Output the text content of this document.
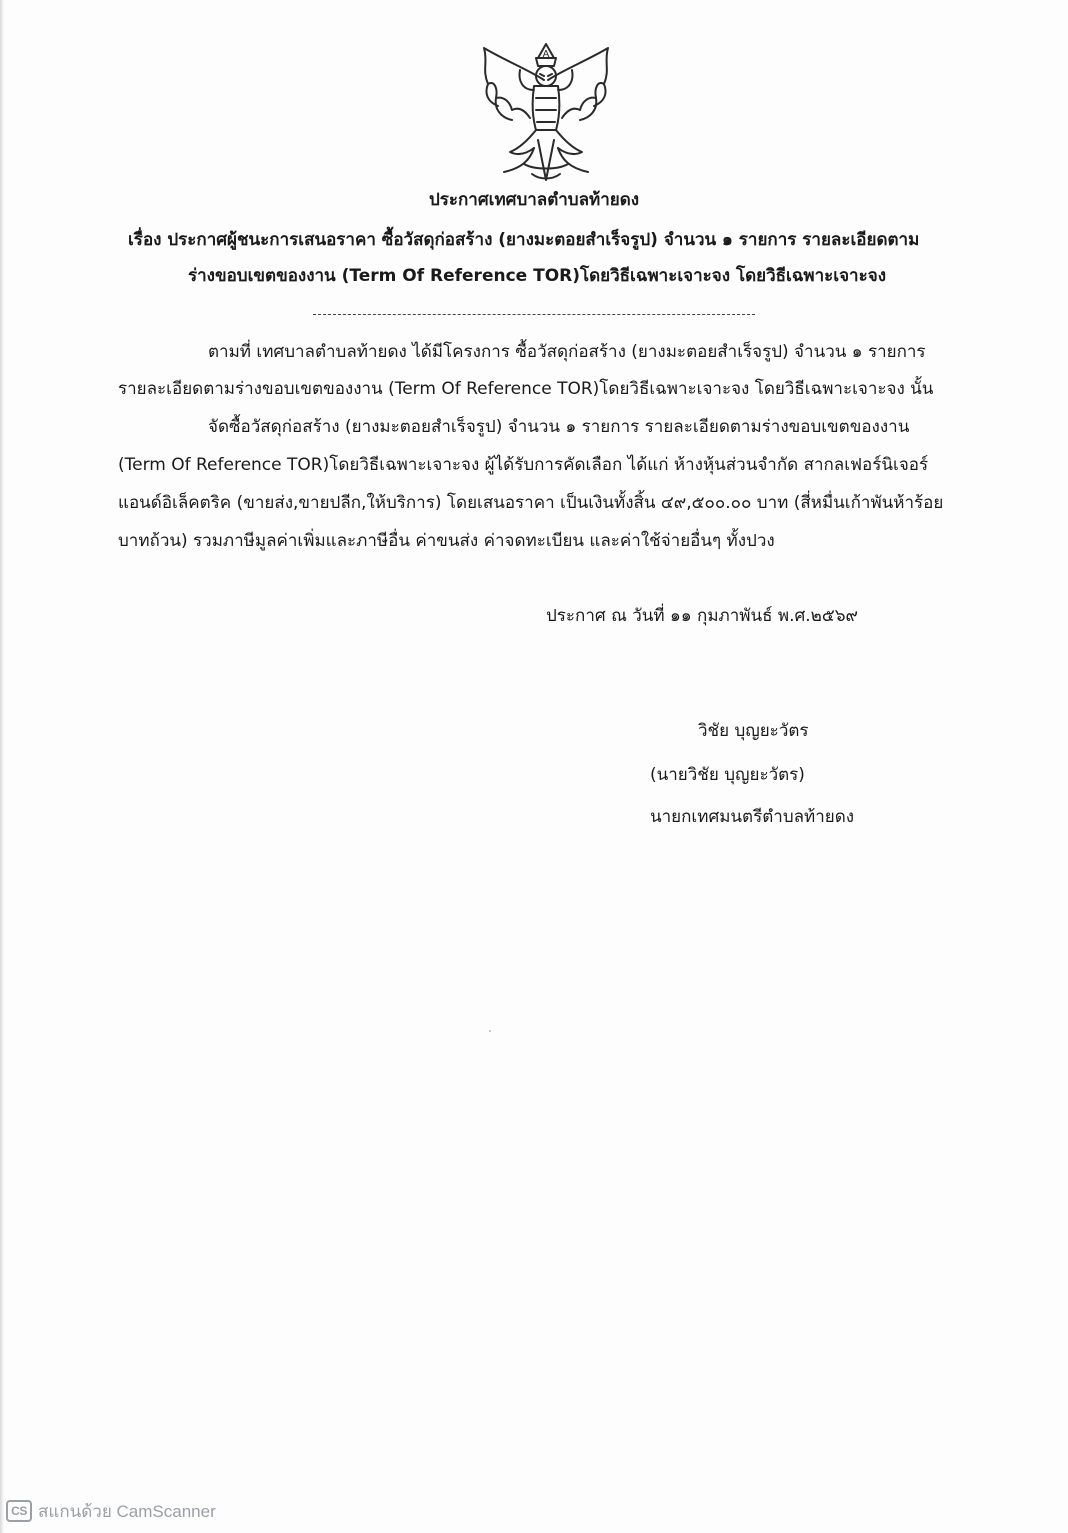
A
ประกาศเทศบาลตำบลท้ายดง
เรื่อง ประกาศผู้ชนะการเสนอราคา ซื้อวัสดุก่อสร้าง (ยางมะตอยสำเร็จรูป) จำนวน ๑ รายการ รายละเอียดตาม
ร่างขอบเขตของงาน (Term Of Reference TOR)โดยวิธีเฉพาะเจาะจง โดยวิธีเฉพาะเจาะจง
ตามที่ เทศบาลตำบลท้ายดง ได้มีโครงการ ซื้อวัสดุก่อสร้าง (ยางมะตอยสำเร็จรูป) จำนวน ๑ รายการ
รายละเอียดตามร่างขอบเขตของงาน (Term Of Reference TOR)โดยวิธีเฉพาะเจาะจง โดยวิธีเฉพาะเจาะจง นั้น
จัดซื้อวัสดุก่อสร้าง (ยางมะตอยสำเร็จรูป) จำนวน ๑ รายการ รายละเอียดตามร่างขอบเขตของงาน
(Term Of Reference TOR)โดยวิธีเฉพาะเจาะจง ผู้ได้รับการคัดเลือก ได้แก่ ห้างหุ้นส่วนจำกัด สากลเฟอร์นิเจอร์
แอนด์อิเล็คตริค (ขายส่ง,ขายปลีก,ให้บริการ) โดยเสนอราคา เป็นเงินทั้งสิ้น ๔๙,๕๐๐.๐๐ บาท (สี่หมื่นเก้าพันห้าร้อย
บาทถ้วน) รวมภาษีมูลค่าเพิ่มและภาษีอื่น ค่าขนส่ง ค่าจดทะเบียน และค่าใช้จ่ายอื่นๆ ทั้งปวง
ประกาศ ณ วันที่ ๑๑ กุมภาพันธ์ พ.ศ.๒๕๖๙
วิชัย บุญยะวัตร
(นายวิชัย บุญยะวัตร)
นายกเทศมนตรีตำบลท้ายดง
CS สแกนด้วย CamScanner
